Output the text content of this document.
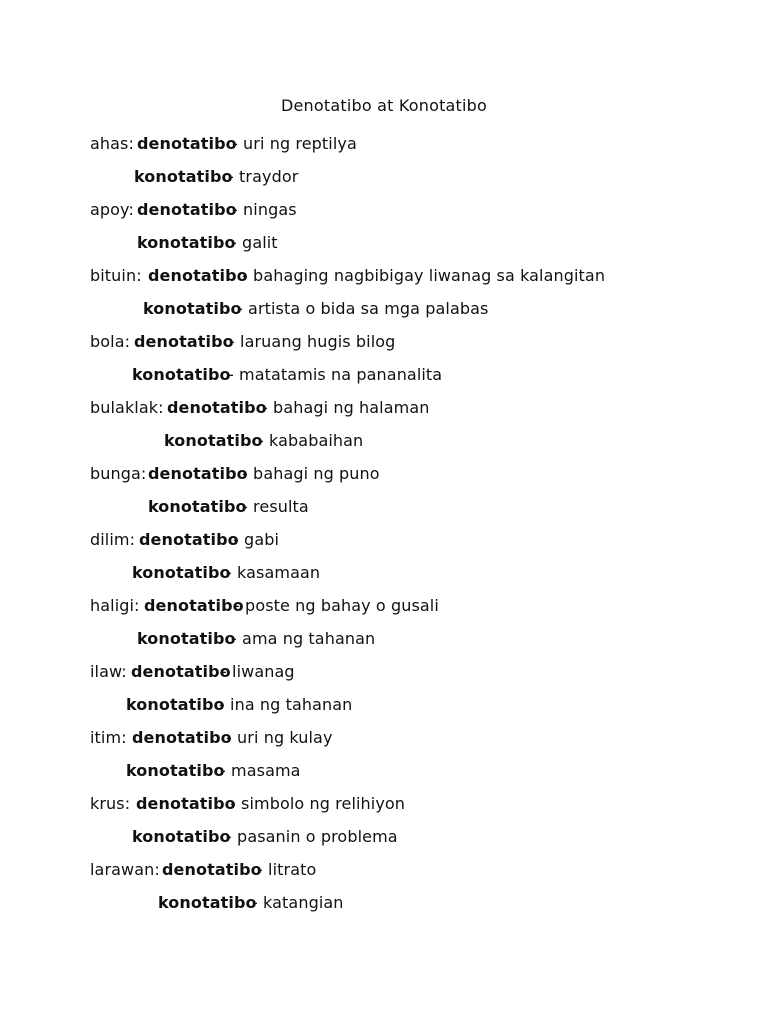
Denotatibo at Konotatibo
ahas: denotatibo
- uri ng reptilya
konotatibo
- traydor
apoy: denotatibo
- ningas
konotatibo
- galit
bituin: denotatibo
- bahaging nagbibigay liwanag sa kalangitan
konotatibo
- artista o bida sa mga palabas
bola: denotatibo
- laruang hugis bilog
konotatibo
- matatamis na pananalita
bulaklak: denotatibo
- bahagi ng halaman
konotatibo
- kababaihan
bunga: denotatibo
- bahagi ng puno
konotatibo
- resulta
dilim: denotatibo
- gabi
konotatibo
- kasamaan
haligi: denotatibo
- poste ng bahay o gusali
konotatibo
- ama ng tahanan
ilaw: denotatibo
- liwanag
konotatibo
- ina ng tahanan
itim: denotatibo
- uri ng kulay
konotatibo
- masama
krus: denotatibo
- simbolo ng relihiyon
konotatibo
- pasanin o problema
larawan: denotatibo
- litrato
konotatibo
- katangian
